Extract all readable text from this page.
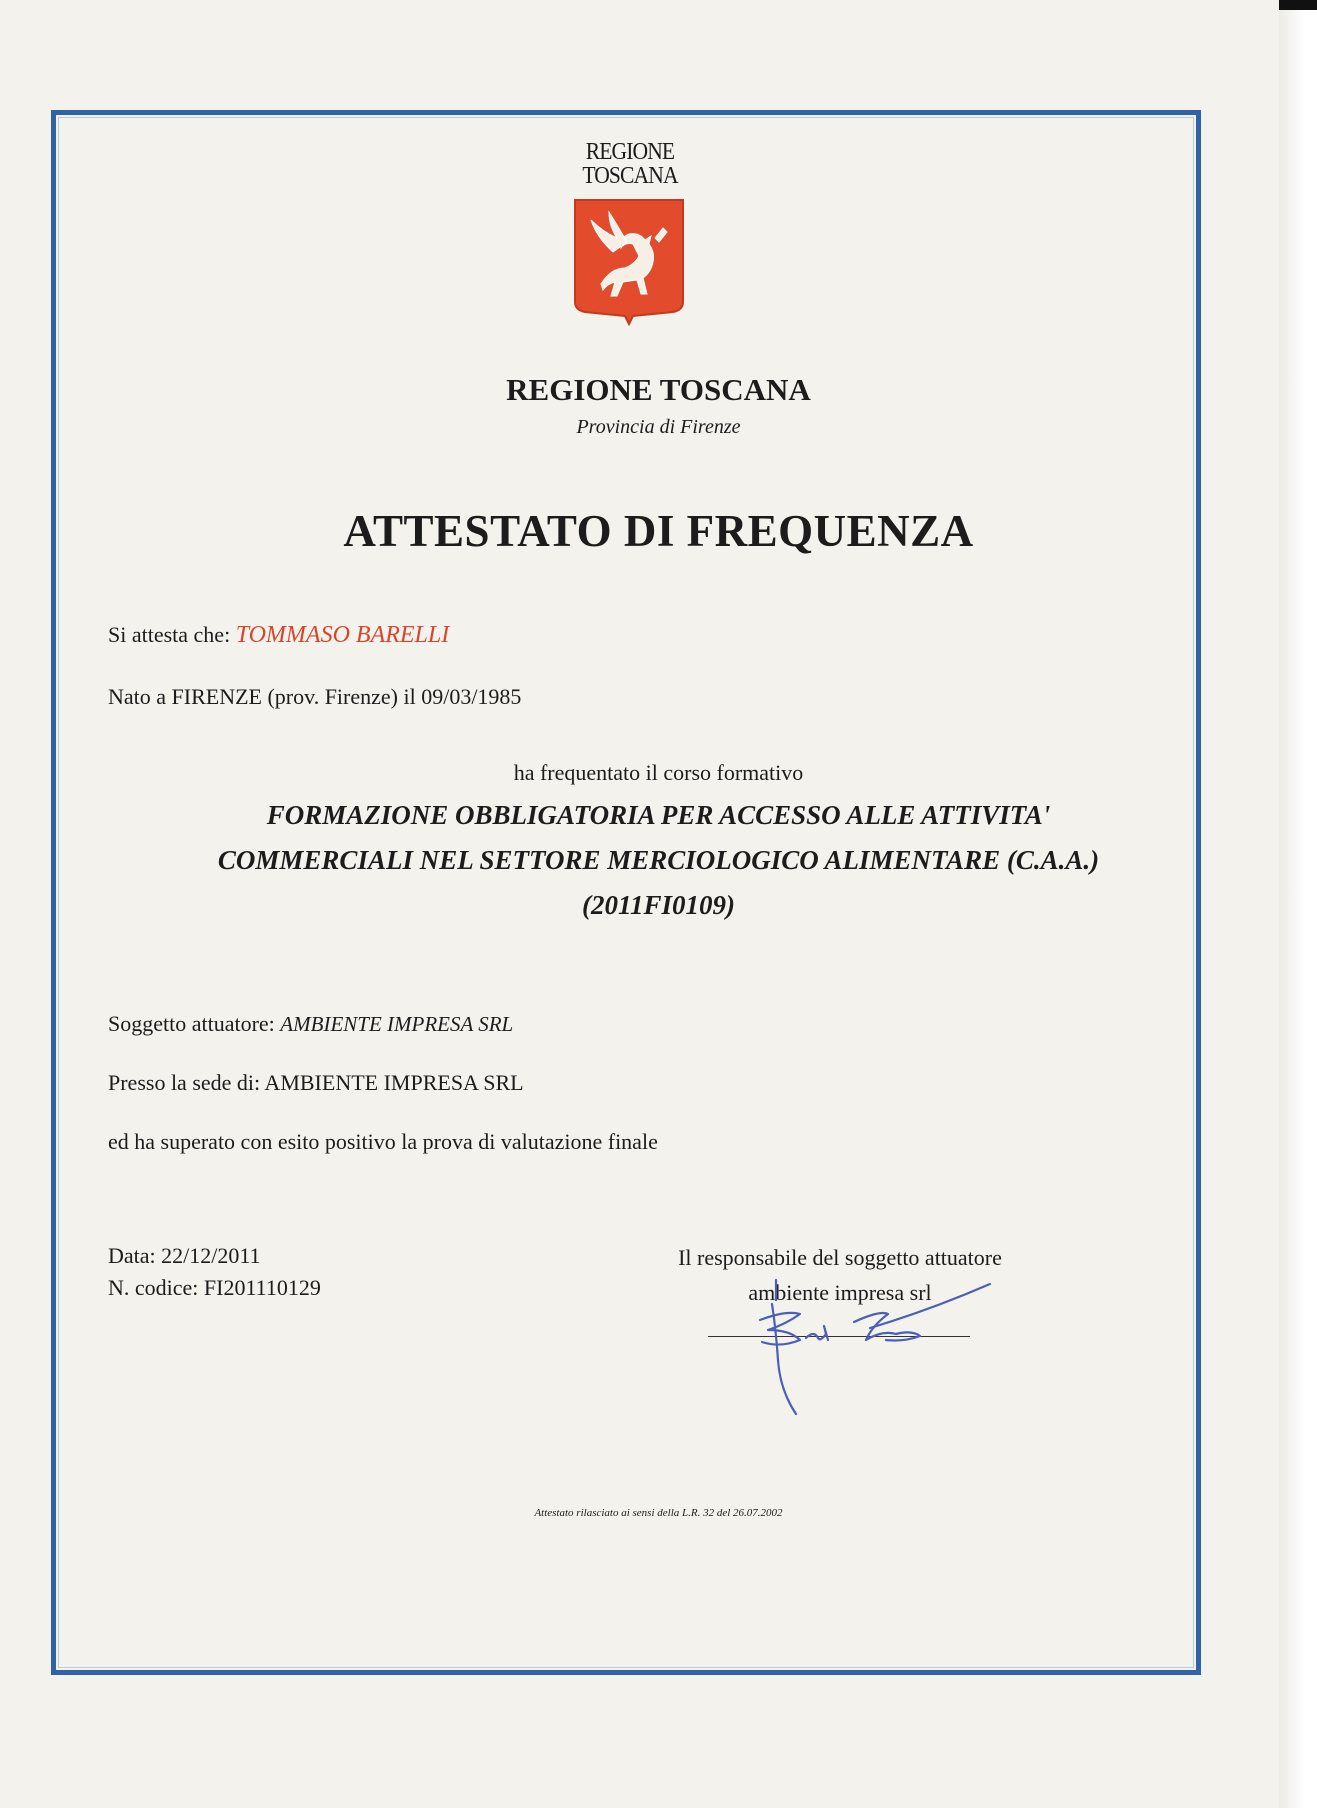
REGIONE
TOSCANA
REGIONE TOSCANA
Provincia di Firenze
ATTESTATO DI FREQUENZA
Si attesta che: TOMMASO BARELLI
Nato a FIRENZE (prov. Firenze) il 09/03/1985
ha frequentato il corso formativo
FORMAZIONE OBBLIGATORIA PER ACCESSO ALLE ATTIVITA'
COMMERCIALI NEL SETTORE MERCIOLOGICO ALIMENTARE (C.A.A.)
(2011FI0109)
Soggetto attuatore: AMBIENTE IMPRESA SRL
Presso la sede di: AMBIENTE IMPRESA SRL
ed ha superato con esito positivo la prova di valutazione finale
Data: 22/12/2011
N. codice: FI201110129
Il responsabile del soggetto attuatore
ambiente impresa srl
Attestato rilasciato ai sensi della L.R. 32 del 26.07.2002
